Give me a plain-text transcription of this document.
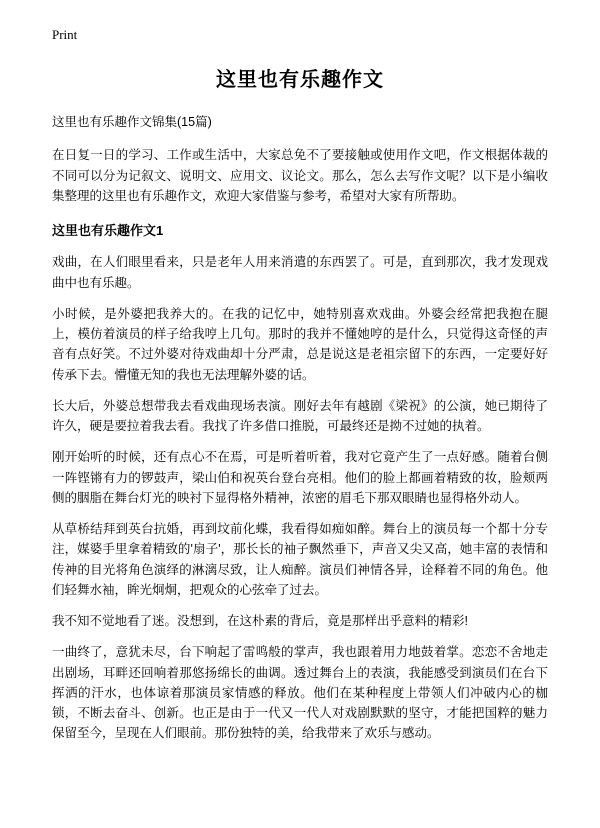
Print
这里也有乐趣作文
这里也有乐趣作文锦集(15篇)

在日复一日的学习、工作或生活中，大家总免不了要接触或使用作文吧，作文根据体裁的不同可以分为记叙文、说明文、应用文、议论文。那么，怎么去写作文呢？以下是小编收集整理的这里也有乐趣作文，欢迎大家借鉴与参考，希望对大家有所帮助。

这里也有乐趣作文1

戏曲，在人们眼里看来，只是老年人用来消遣的东西罢了。可是，直到那次，我才发现戏曲中也有乐趣。

小时候，是外婆把我养大的。在我的记忆中，她特别喜欢戏曲。外婆会经常把我抱在腿上，模仿着演员的样子给我哼上几句。那时的我并不懂她哼的是什么，只觉得这奇怪的声音有点好笑。不过外婆对待戏曲却十分严肃，总是说这是老祖宗留下的东西，一定要好好传承下去。懵懂无知的我也无法理解外婆的话。

长大后，外婆总想带我去看戏曲现场表演。刚好去年有越剧《梁祝》的公演，她已期待了许久，硬是要拉着我去看。我找了许多借口推脱，可最终还是拗不过她的执着。

刚开始听的时候，还有点心不在焉，可是听着听着，我对它竟产生了一点好感。随着台侧一阵铿锵有力的锣鼓声，梁山伯和祝英台登台亮相。他们的脸上都画着精致的妆，脸颊两侧的胭脂在舞台灯光的映衬下显得格外精神，浓密的眉毛下那双眼睛也显得格外动人。

从草桥结拜到英台抗婚，再到坟前化蝶，我看得如痴如醉。舞台上的演员每一个都十分专注，媒婆手里拿着精致的'扇子'，那长长的袖子飘然垂下，声音又尖又高，她丰富的表情和传神的目光将角色演绎的淋漓尽致，让人痴醉。演员们神情各异，诠释着不同的角色。他们轻舞水袖，眸光炯炯，把观众的心弦牵了过去。

我不知不觉地看了迷。没想到，在这朴素的背后，竟是那样出乎意料的精彩!

一曲终了，意犹未尽，台下响起了雷鸣般的掌声，我也跟着用力地鼓着掌。恋恋不舍地走出剧场，耳畔还回响着那悠扬绵长的曲调。透过舞台上的表演，我能感受到演员们在台下挥洒的汗水，也体谅着那演员家情感的释放。他们在某种程度上带领人们冲破内心的枷锁，不断去奋斗、创新。也正是由于一代又一代人对戏剧默默的坚守，才能把国粹的魅力保留至今，呈现在人们眼前。那份独特的美，给我带来了欢乐与感动。
